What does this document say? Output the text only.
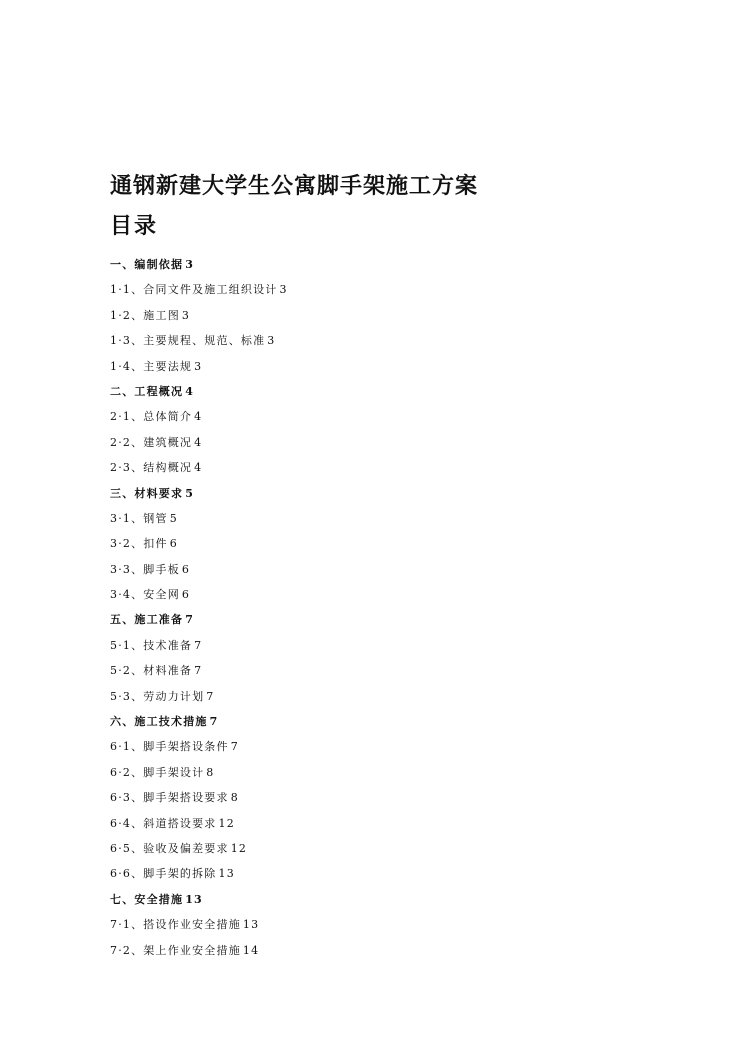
通钢新建大学生公寓脚手架施工方案
目录
一、编制依据 3
1·1、合同文件及施工组织设计 3
1·2、施工图 3
1·3、主要规程、规范、标准 3
1·4、主要法规 3
二、工程概况 4
2·1、总体简介 4
2·2、建筑概况 4
2·3、结构概况 4
三、材料要求 5
3·1、钢管 5
3·2、扣件 6
3·3、脚手板 6
3·4、安全网 6
五、施工准备 7
5·1、技术准备 7
5·2、材料准备 7
5·3、劳动力计划 7
六、施工技术措施 7
6·1、脚手架搭设条件 7
6·2、脚手架设计 8
6·3、脚手架搭设要求 8
6·4、斜道搭设要求 12
6·5、验收及偏差要求 12
6·6、脚手架的拆除 13
七、安全措施 13
7·1、搭设作业安全措施 13
7·2、架上作业安全措施 14
